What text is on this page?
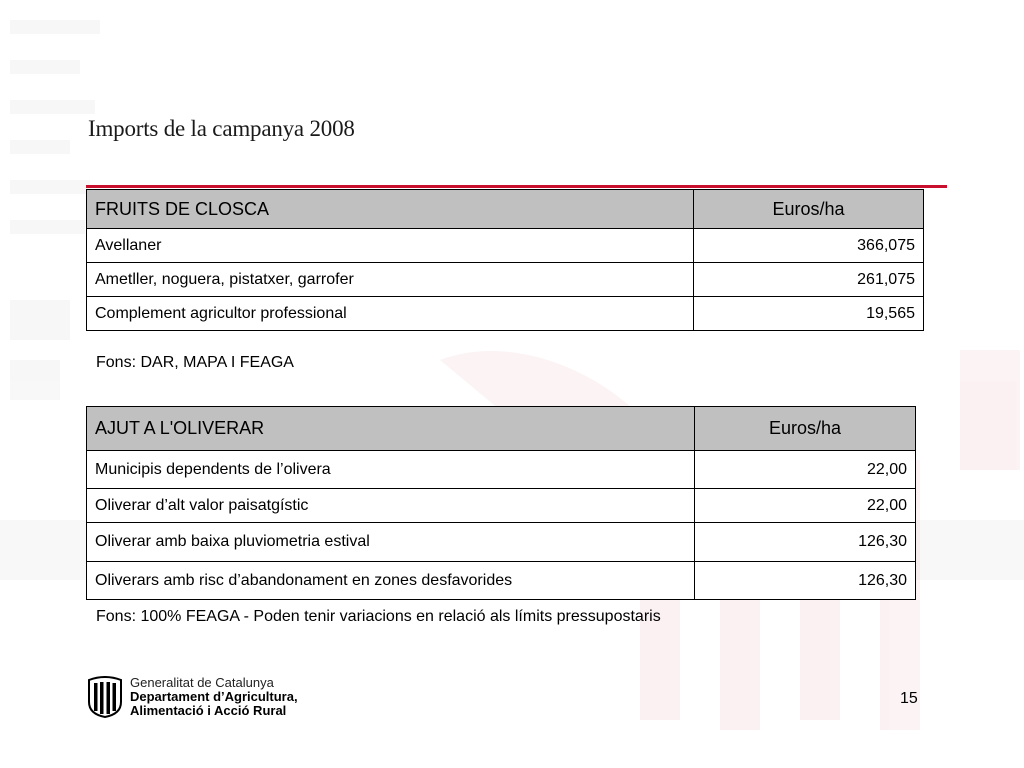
Imports de la campanya 2008
FRUITS DE CLOSCA	Euros/ha
Avellaner	366,075
Ametller, noguera, pistatxer, garrofer	261,075
Complement agricultor professional	19,565
Fons: DAR, MAPA I FEAGA
AJUT A L'OLIVERAR	Euros/ha
Municipis dependents de l’olivera	22,00
Oliverar d’alt valor paisatgístic	22,00
Oliverar amb baixa pluviometria estival	126,30
Oliverars amb risc d’abandonament en zones desfavorides	126,30
Fons: 100% FEAGA - Poden tenir variacions en relació als límits pressupostaris
Generalitat de Catalunya
Departament d’Agricultura,
Alimentació i Acció Rural
15
